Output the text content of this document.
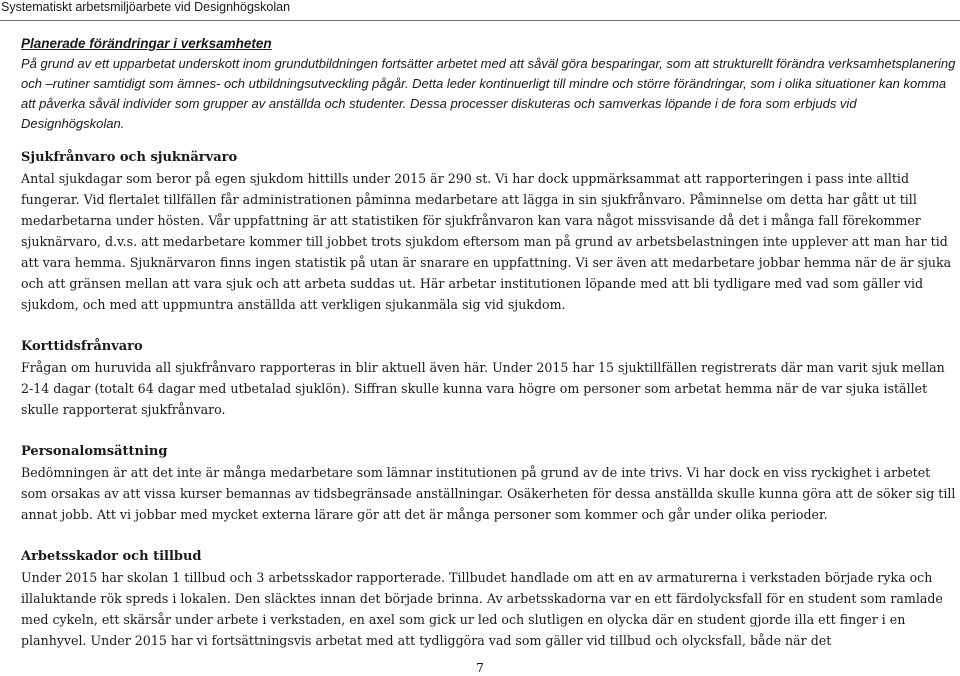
Systematiskt arbetsmiljöarbete vid Designhögskolan
Planerade förändringar i verksamheten

På grund av ett upparbetat underskott inom grundutbildningen fortsätter arbetet med att såväl göra besparingar, som att strukturellt förändra verksamhetsplanering och –rutiner samtidigt som ämnes- och utbildningsutveckling pågår. Detta leder kontinuerligt till mindre och större förändringar, som i olika situationer kan komma att påverka såväl individer som grupper av anställda och studenter. Dessa processer diskuteras och samverkas löpande i de fora som erbjuds vid Designhögskolan.

Sjukfrånvaro och sjuknärvaro

Antal sjukdagar som beror på egen sjukdom hittills under 2015 är 290 st. Vi har dock uppmärksammat att rapporteringen i pass inte alltid fungerar. Vid flertalet tillfällen får administrationen påminna medarbetare att lägga in sin sjukfrånvaro. Påminnelse om detta har gått ut till medarbetarna under hösten. Vår uppfattning är att statistiken för sjukfrånvaron kan vara något missvisande då det i många fall förekommer sjuknärvaro, d.v.s. att medarbetare kommer till jobbet trots sjukdom eftersom man på grund av arbetsbelastningen inte upplever att man har tid att vara hemma. Sjuknärvaron finns ingen statistik på utan är snarare en uppfattning. Vi ser även att medarbetare jobbar hemma när de är sjuka och att gränsen mellan att vara sjuk och att arbeta suddas ut. Här arbetar institutionen löpande med att bli tydligare med vad som gäller vid sjukdom, och med att uppmuntra anställda att verkligen sjukanmäla sig vid sjukdom.

Korttidsfrånvaro

Frågan om huruvida all sjukfrånvaro rapporteras in blir aktuell även här. Under 2015 har 15 sjuktillfällen registrerats där man varit sjuk mellan 2-14 dagar (totalt 64 dagar med utbetalad sjuklön). Siffran skulle kunna vara högre om personer som arbetat hemma när de var sjuka istället skulle rapporterat sjukfrånvaro.

Personalomsättning

Bedömningen är att det inte är många medarbetare som lämnar institutionen på grund av de inte trivs. Vi har dock en viss ryckighet i arbetet som orsakas av att vissa kurser bemannas av tidsbegränsade anställningar. Osäkerheten för dessa anställda skulle kunna göra att de söker sig till annat jobb. Att vi jobbar med mycket externa lärare gör att det är många personer som kommer och går under olika perioder.

Arbetsskador och tillbud

Under 2015 har skolan 1 tillbud och 3 arbetsskador rapporterade. Tillbudet handlade om att en av armaturerna i verkstaden började ryka och illaluktande rök spreds i lokalen. Den släcktes innan det började brinna. Av arbetsskadorna var en ett färdolycksfall för en student som ramlade med cykeln, ett skärsår under arbete i verkstaden, en axel som gick ur led och slutligen en olycka där en student gjorde illa ett finger i en planhyvel. Under 2015 har vi fortsättningsvis arbetat med att tydliggöra vad som gäller vid tillbud och olycksfall, både när det

7
